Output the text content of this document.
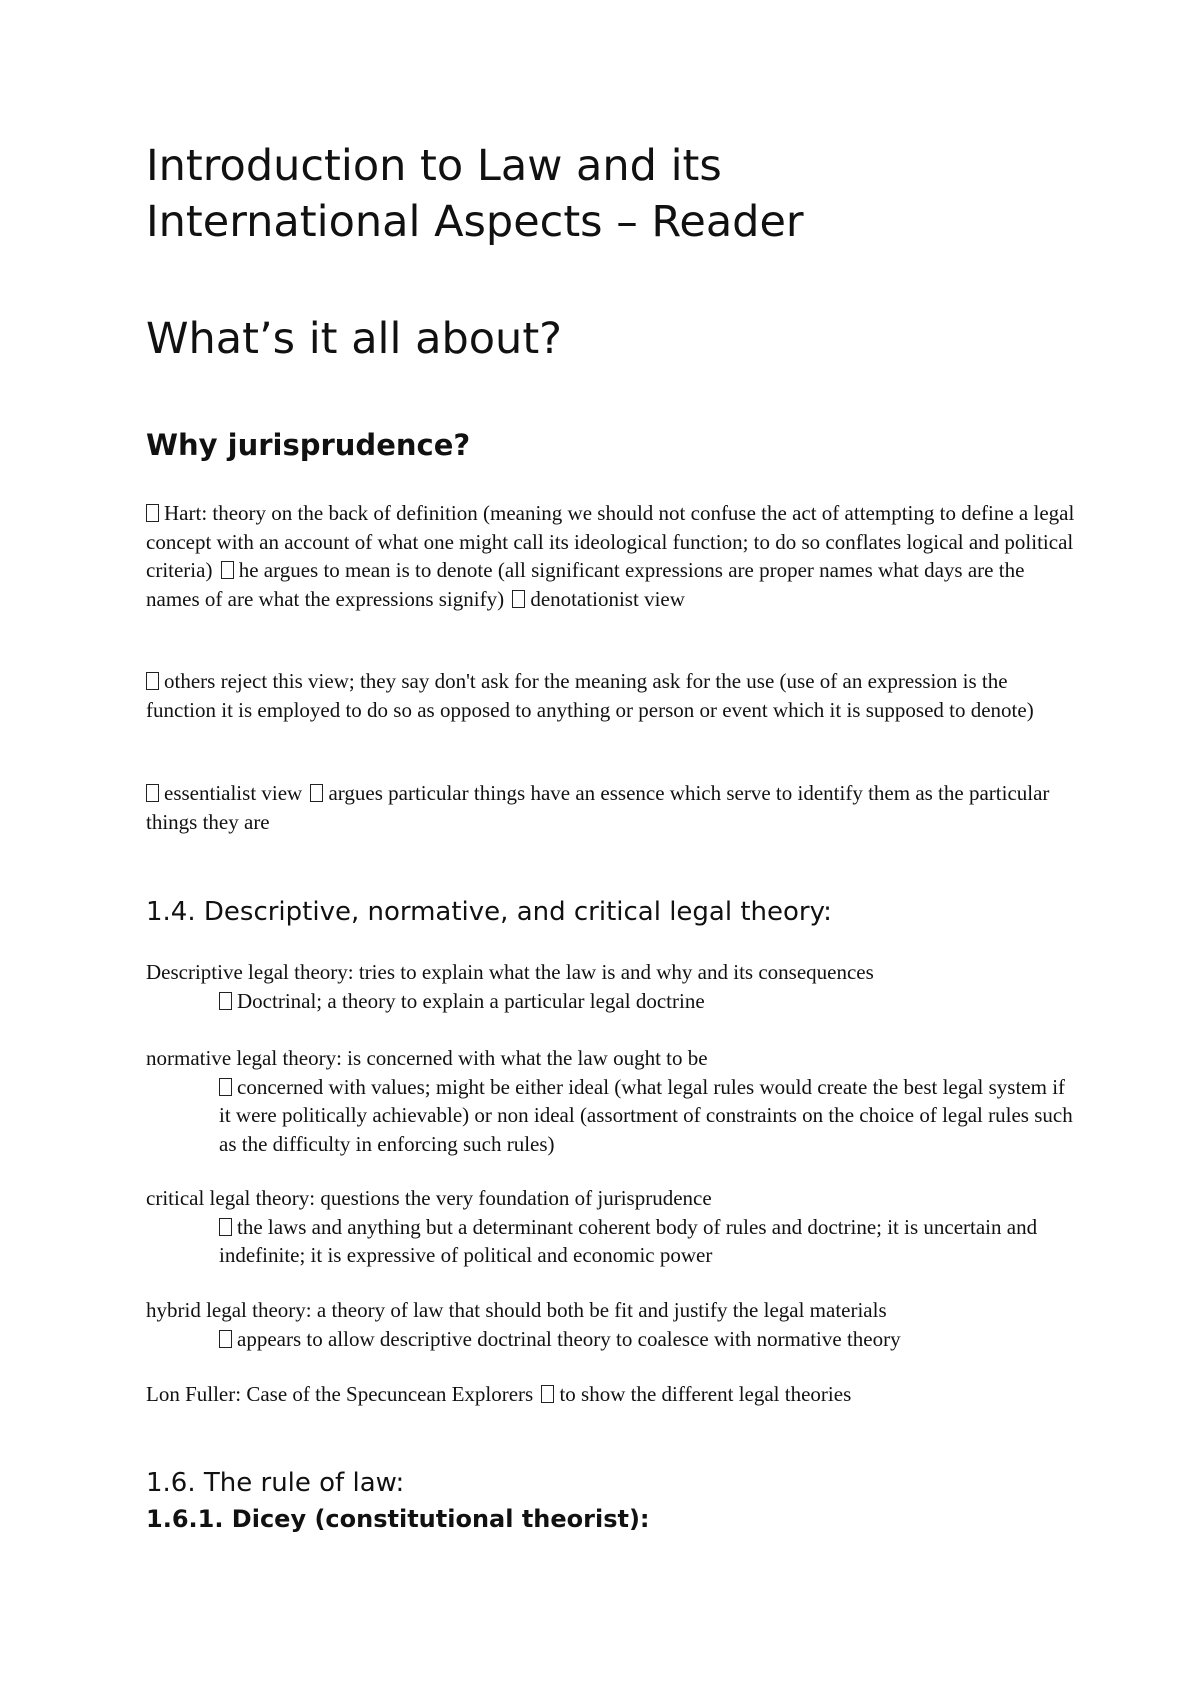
Introduction to Law and its
International Aspects – Reader
What’s it all about?
Why jurisprudence?

Hart: theory on the back of definition (meaning we should not confuse the act of attempting to define a legal concept with an account of what one might call its ideological function; to do so conflates logical and political criteria) he argues to mean is to denote (all significant expressions are proper names what days are the names of are what the expressions signify) denotationist view

others reject this view; they say don't ask for the meaning ask for the use (use of an expression is the function it is employed to do so as opposed to anything or person or event which it is supposed to denote)

essentialist view argues particular things have an essence which serve to identify them as the particular things they are

1.4. Descriptive, normative, and critical legal theory:

Descriptive legal theory: tries to explain what the law is and why and its consequences

Doctrinal; a theory to explain a particular legal doctrine

normative legal theory: is concerned with what the law ought to be

concerned with values; might be either ideal (what legal rules would create the best legal system if it were politically achievable) or non ideal (assortment of constraints on the choice of legal rules such as the difficulty in enforcing such rules)

critical legal theory: questions the very foundation of jurisprudence

the laws and anything but a determinant coherent body of rules and doctrine; it is uncertain and indefinite; it is expressive of political and economic power

hybrid legal theory: a theory of law that should both be fit and justify the legal materials

appears to allow descriptive doctrinal theory to coalesce with normative theory

Lon Fuller: Case of the Specuncean Explorers to show the different legal theories

1.6. The rule of law:
1.6.1. Dicey (constitutional theorist):
